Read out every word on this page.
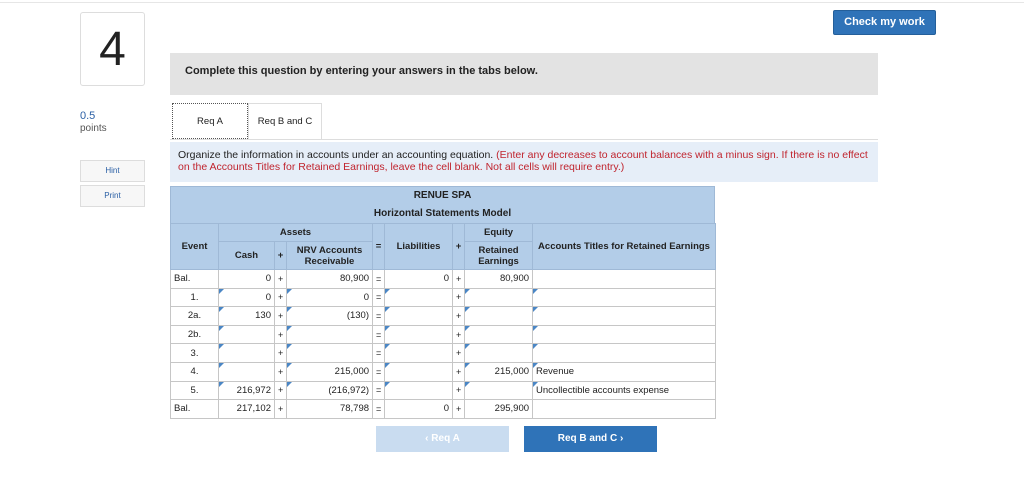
4
0.5
points
Hint
Print
Check my work
Complete this question by entering your answers in the tabs below.
Req A	Req B and C
Organize the information in accounts under an accounting equation. (Enter any decreases to account balances with a minus sign. If there is no effect on the Accounts Titles for Retained Earnings, leave the cell blank. Not all cells will require entry.)
RENUE SPA
Horizontal Statements Model
Event	Assets			=	Liabilities	+	Equity	Accounts Titles for Retained Earnings
	Cash	+	NRV Accounts Receivable				Retained Earnings	
Bal.	0	+	80,900	=	0	+	80,900	
1.	0	+	0	=		+		
2a.	130	+	(130)	=		+		
2b.		+		=		+		
3.		+		=		+		
4.		+	215,000	=		+	215,000	Revenue
5.	216,972	+	(216,972)	=		+		Uncollectible accounts expense
Bal.	217,102	+	78,798	=	0	+	295,900	
‹ Req A	Req B and C ›
